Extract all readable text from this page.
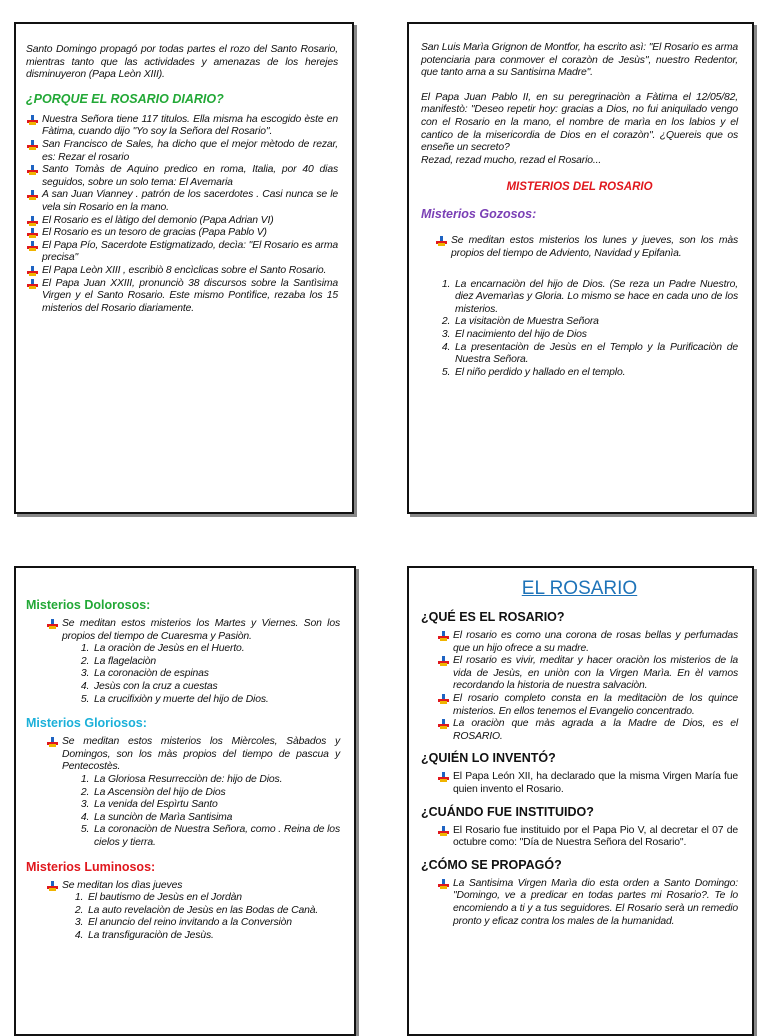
Santo Domingo propagó por todas partes el rozo del Santo Rosario, mientras tanto que las actividades y amenazas de los herejes disminuyeron (Papa Leòn XIII).
¿PORQUE EL ROSARIO DIARIO?
Nuestra Señora tiene 117 titulos. Ella misma ha escogido èste en Fàtima, cuando dijo "Yo soy la Señora del Rosario".
San Francisco de Sales, ha dicho que el mejor mètodo de rezar, es: Rezar el rosario
Santo Tomàs de Aquino predico en roma, Italia, por 40 dias seguidos, sobre un solo tema: El Avemaria
A san Juan Vianney . patrón de los sacerdotes . Casi nunca se le vela sin Rosario en la mano.
El Rosario es el làtigo del demonio (Papa Adrian VI)
El Rosario es un tesoro de gracias (Papa Pablo V)
El Papa Pío, Sacerdote Estigmatizado, decìa: "El Rosario es arma precisa"
El Papa Leòn XIII , escribiò 8 encìclicas sobre el Santo Rosario.
El Papa Juan XXIII, pronunciò 38 discursos sobre la Santìsima Virgen y el Santo Rosario. Este mismo Pontìfice, rezaba los 15 misterios del Rosario diariamente.
San Luis Marìa Grignon de Montfor, ha escrito asì: "El Rosario es arma potenciaria para conmover el corazòn de Jesùs", nuestro Redentor, que tanto arna a su Santisirna Madre".
El Papa Juan Pablo II, en su peregrinaciòn a Fàtirna el 12/05/82, manifestò: "Deseo repetir hoy: gracias a Dios, no fui aniquilado vengo con el Rosario en la mano, el nombre de marìa en los labios y el cantico de la misericordia de Dios en el corazòn". ¿Quereis que os enseñe un secreto?
Rezad, rezad mucho, rezad el Rosario...
MISTERIOS DEL ROSARIO
Misterios Gozosos:
Se meditan estos misterios los lunes y jueves, son los màs propios del tiempo de Adviento, Navidad y Epifanìa.
1. La encarnaciòn del hijo de Dios. (Se reza un Padre Nuestro, diez Avemarìas y Gloria. Lo mismo se hace en cada uno de los misterios.
2. La visitaciòn de Muestra Señora
3. El nacimiento del hijo de Dios
4. La presentaciòn de Jesùs en el Templo y la Purificaciòn de Nuestra Señora.
5. El niño perdido y hallado en el templo.
Misterios Dolorosos:
Se meditan estos misterios los Martes y Viernes. Son los propios del tiempo de Cuaresma y Pasiòn.
1. La oraciòn de Jesùs en el Huerto.
2. La flagelaciòn
3. La coronaciòn de espinas
4. Jesùs con la cruz a cuestas
5. La crucifixiòn y muerte del hijo de Dios.
Misterios Gloriosos:
Se meditan estos misterios los Mièrcoles, Sàbados y Domingos, son los màs propios del tiempo de pascua y Pentecostès.
1. La Gloriosa Resurrecciòn de: hijo de Dios.
2. La Ascensiòn del hijo de Dios
3. La venida del Espìrtu Santo
4. La sunciòn de Marìa Santisima
5. La coronaciòn de Nuestra Señora, como . Reina de los cielos y tierra.
Misterios Luminosos:
Se meditan los dìas jueves
1. El bautismo de Jesùs en el Jordàn
2. La auto revelaciòn de Jesùs en las Bodas de Canà.
3. El anuncio del reino invitando a la Conversiòn
4. La transfiguraciòn de Jesùs.
EL ROSARIO
¿QUÉ ES EL ROSARIO?
El rosario es como una corona de rosas bellas y perfumadas que un hijo ofrece a su madre.
El rosario es vivir, meditar y hacer oraciòn los misterios de la vida de Jesùs, en uniòn con la Virgen Marìa. En èl vamos recordando la historia de nuestra salvaciòn.
El rosario completo consta en la meditaciòn de los quince misterios. En ellos tenemos el Evangelio concentrado.
La oraciòn que màs agrada a la Madre de Dios, es el ROSARIO.
¿QUIÉN LO INVENTÓ?
El Papa León XII, ha declarado que la misma Virgen María fue quien invento el Rosario.
¿CUÁNDO FUE INSTITUIDO?
El Rosario fue instituido por el Papa Pio V, al decretar el 07 de octubre como: "Día de Nuestra Señora del Rosario".
¿CÓMO SE PROPAGÓ?
La Santisima Virgen Marìa dio esta orden a Santo Domingo: "Domingo, ve a predicar en todas partes mi Rosario?. Te lo encomiendo a ti y a tus seguidores. El Rosario serà un remedio pronto y eficaz contra los males de la humanidad.
